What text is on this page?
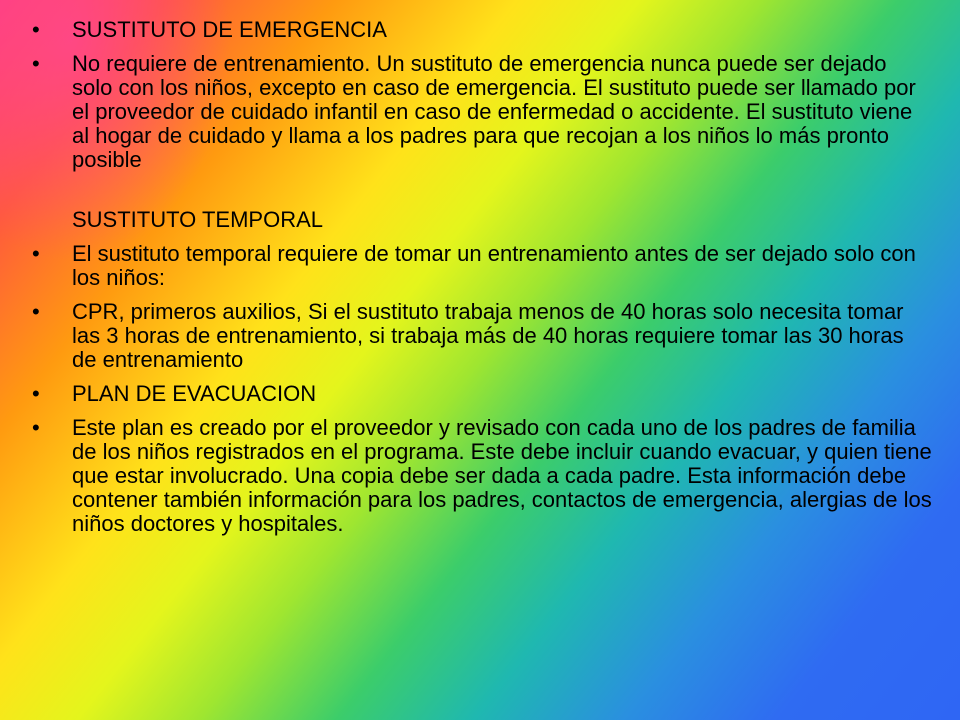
•	SUSTITUTO DE EMERGENCIA
•	No requiere de entrenamiento. Un sustituto de emergencia nunca puede ser dejado solo con los niños, excepto en caso de emergencia. El sustituto puede ser llamado por el proveedor de cuidado infantil en caso de enfermedad o accidente. El sustituto viene al hogar de cuidado y llama a los padres para que recojan a los niños lo más pronto posible
SUSTITUTO TEMPORAL
•	El sustituto temporal requiere de tomar un entrenamiento antes de ser dejado solo con los niños:
•	CPR, primeros auxilios, Si el sustituto trabaja menos de 40 horas solo necesita tomar las 3 horas de entrenamiento, si trabaja más de 40 horas requiere tomar las 30 horas de entrenamiento
•	PLAN DE EVACUACION
•	Este plan es creado por el proveedor y revisado con cada uno de los padres de familia de los niños registrados en el programa. Este debe incluir cuando evacuar, y quien tiene que estar involucrado. Una copia debe ser dada a cada padre. Esta información debe contener también información para los padres, contactos de emergencia, alergias de los niños doctores y hospitales.
